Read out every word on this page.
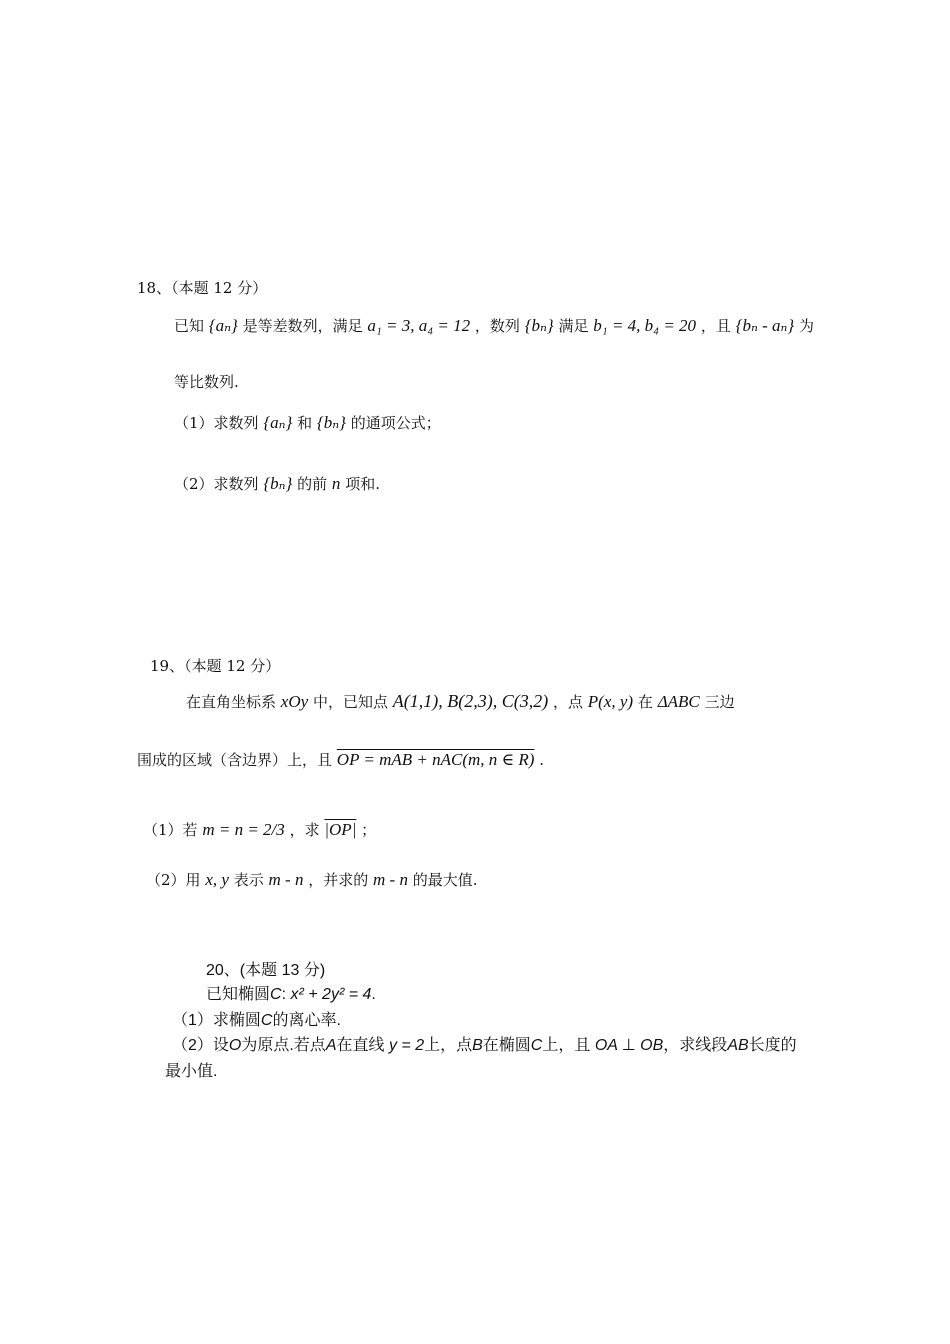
18、（本题 12 分）
已知 {aₙ} 是等差数列，满足 a₁ = 3, a₄ = 12 ，数列 {bₙ} 满足 b₁ = 4, b₄ = 20 ，且 {bₙ - aₙ} 为
等比数列.
（1）求数列 {aₙ} 和 {bₙ} 的通项公式；
（2）求数列 {bₙ} 的前 n 项和.
19、（本题 12 分）
在直角坐标系 xOy 中，已知点 A(1,1), B(2,3), C(3,2) ，点 P(x, y) 在 ΔABC 三边
围成的区域（含边界）上，且 OP = mAB + nAC(m, n ∈ R) .
（1）若 m = n = 2/3 ，求 |OP| ；
（2）用 x, y 表示 m - n ，并求的 m - n 的最大值.
20、(本题 13 分)
已知椭圆C: x² + 2y² = 4.
（1）求椭圆C的离心率.
（2）设O为原点.若点A在直线 y = 2上，点B在椭圆C上，且 OA ⊥ OB，求线段AB长度的
最小值.
